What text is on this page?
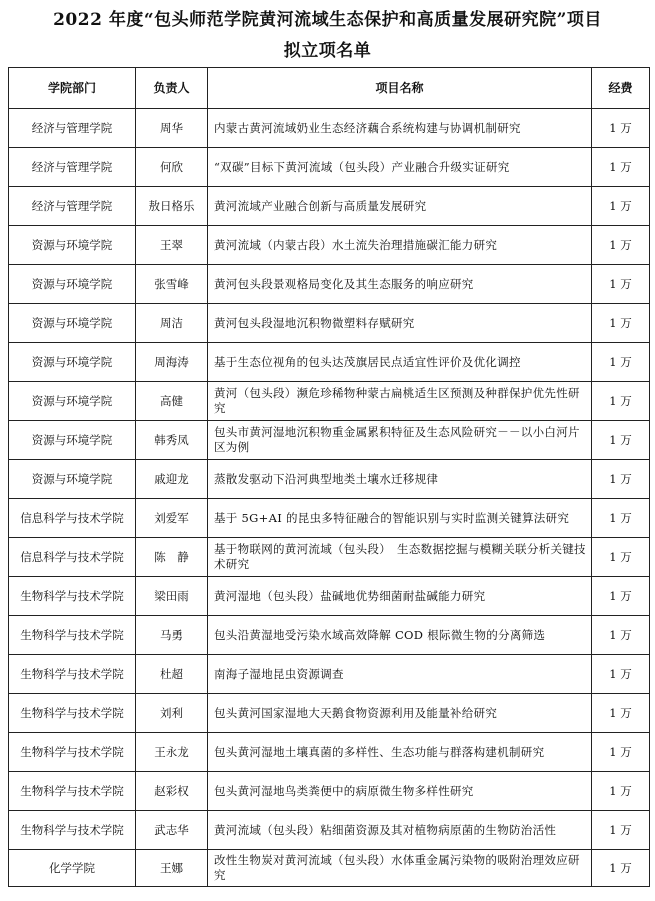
2022 年度“包头师范学院黄河流域生态保护和高质量发展研究院”项目
拟立项名单
学院部门	负责人	项目名称	经费
经济与管理学院	周华	内蒙古黄河流域奶业生态经济藕合系统构建与协调机制研究	1 万
经济与管理学院	何欣	“双碳”目标下黄河流域（包头段）产业融合升级实证研究	1 万
经济与管理学院	敖日格乐	黄河流域产业融合创新与高质量发展研究	1 万
资源与环境学院	王翠	黄河流域（内蒙古段）水土流失治理措施碳汇能力研究	1 万
资源与环境学院	张雪峰	黄河包头段景观格局变化及其生态服务的响应研究	1 万
资源与环境学院	周洁	黄河包头段湿地沉积物微塑料存赋研究	1 万
资源与环境学院	周海涛	基于生态位视角的包头达茂旗居民点适宜性评价及优化调控	1 万
资源与环境学院	高健	黄河（包头段）濒危珍稀物种蒙古扁桃适生区预测及种群保护优先性研究	1 万
资源与环境学院	韩秀凤	包头市黄河湿地沉积物重金属累积特征及生态风险研究－－以小白河片区为例	1 万
资源与环境学院	戚迎龙	蒸散发驱动下沿河典型地类土壤水迁移规律	1 万
信息科学与技术学院	刘爱军	基于 5G+AI 的昆虫多特征融合的智能识别与实时监测关键算法研究	1 万
信息科学与技术学院	陈　静	基于物联网的黄河流域（包头段）　生态数据挖掘与模糊关联分析关键技术研究	1 万
生物科学与技术学院	梁田雨	黄河湿地（包头段）盐碱地优势细菌耐盐碱能力研究	1 万
生物科学与技术学院	马勇	包头沿黄湿地受污染水域高效降解 COD 根际微生物的分离筛选	1 万
生物科学与技术学院	杜超	南海子湿地昆虫资源调查	1 万
生物科学与技术学院	刘利	包头黄河国家湿地大天鹅食物资源利用及能量补给研究	1 万
生物科学与技术学院	王永龙	包头黄河湿地土壤真菌的多样性、生态功能与群落构建机制研究	1 万
生物科学与技术学院	赵彩权	包头黄河湿地鸟类粪便中的病原微生物多样性研究	1 万
生物科学与技术学院	武志华	黄河流域（包头段）粘细菌资源及其对植物病原菌的生物防治活性	1 万
化学学院	王娜	改性生物炭对黄河流域（包头段）水体重金属污染物的吸附治理效应研究	1 万
